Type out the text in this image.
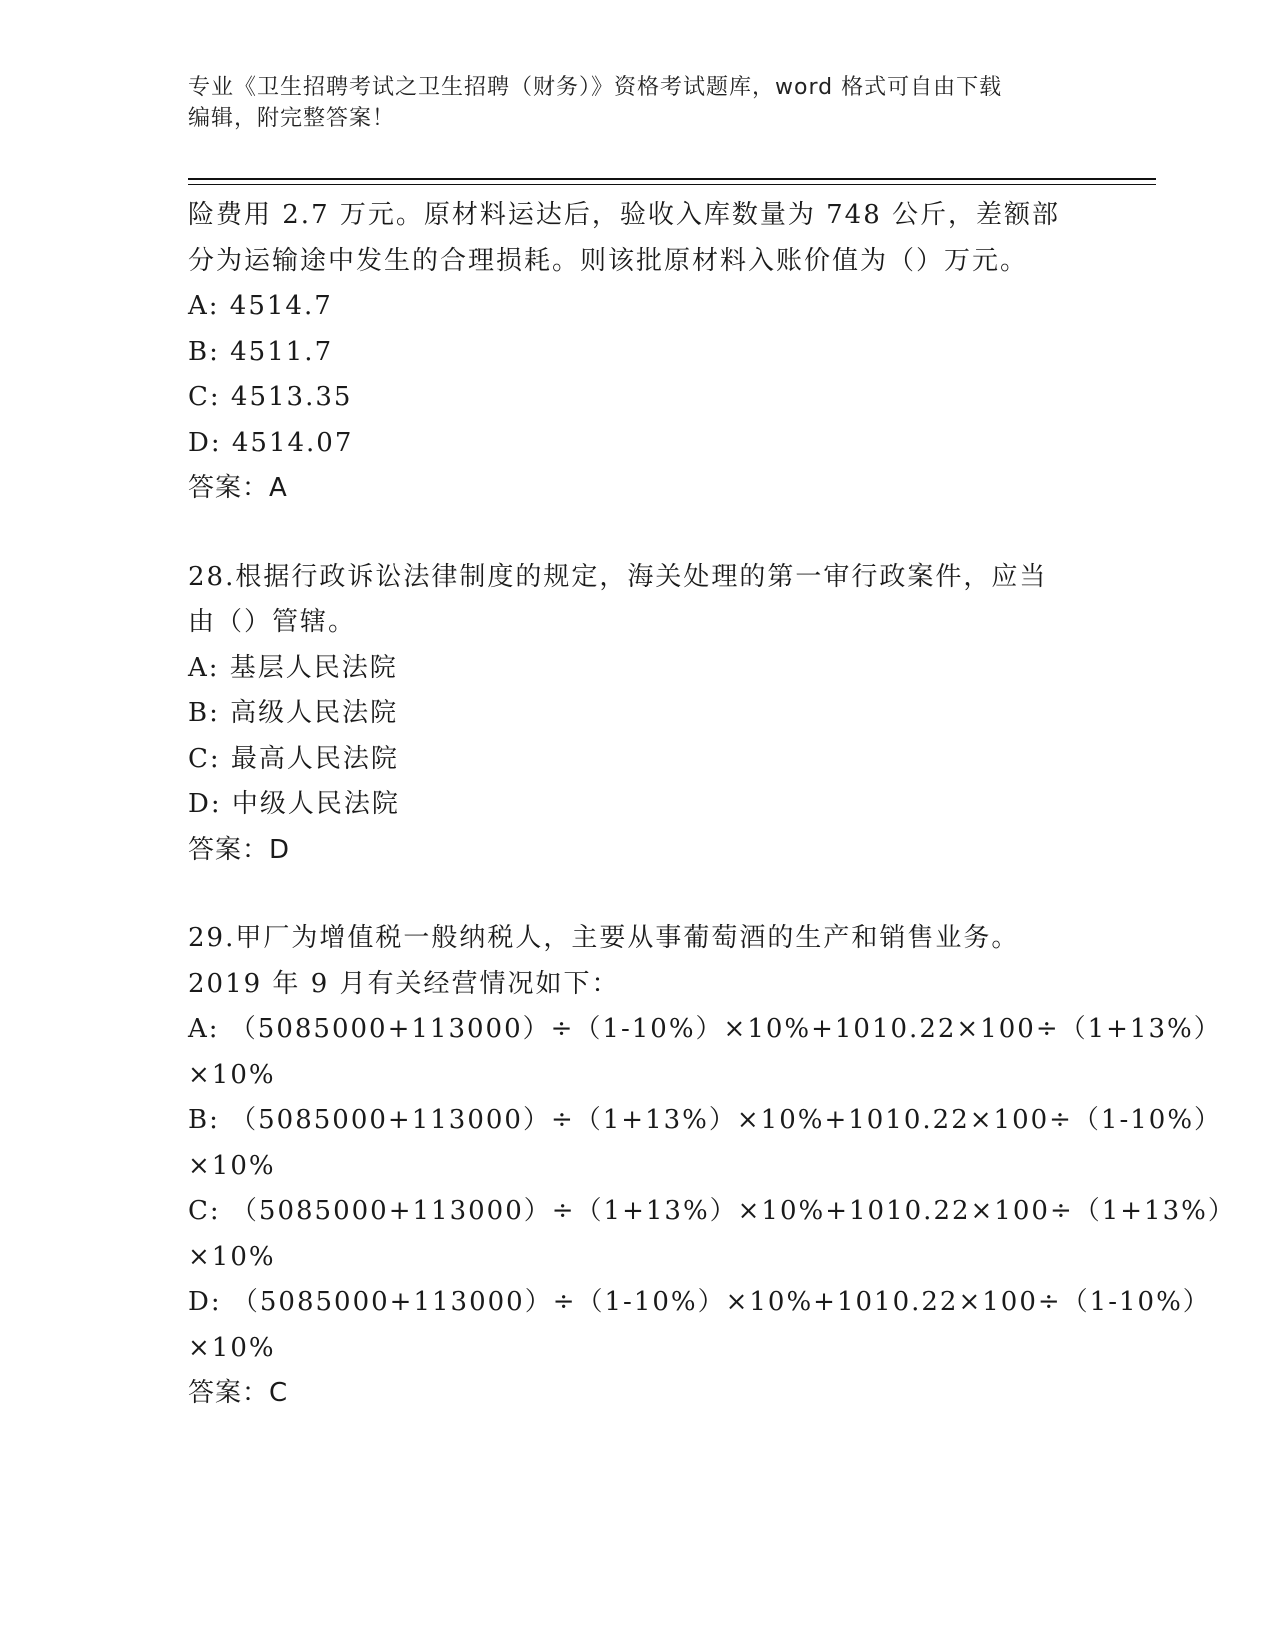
专业《卫生招聘考试之卫生招聘（财务）》资格考试题库，word 格式可自由下载
编辑，附完整答案！
险费用 2.7 万元。原材料运达后，验收入库数量为 748 公斤，差额部
分为运输途中发生的合理损耗。则该批原材料入账价值为（）万元。
A: 4514.7
B: 4511.7
C: 4513.35
D: 4514.07
答案：A
28.根据行政诉讼法律制度的规定，海关处理的第一审行政案件，应当
由（）管辖。
A: 基层人民法院
B: 高级人民法院
C: 最高人民法院
D: 中级人民法院
答案：D
29.甲厂为增值税一般纳税人，主要从事葡萄酒的生产和销售业务。
2019 年 9 月有关经营情况如下：
A: （5085000+113000）÷（1-10%）×10%+1010.22×100÷（1+13%）
×10%
B: （5085000+113000）÷（1+13%）×10%+1010.22×100÷（1-10%）
×10%
C: （5085000+113000）÷（1+13%）×10%+1010.22×100÷（1+13%）
×10%
D: （5085000+113000）÷（1-10%）×10%+1010.22×100÷（1-10%）
×10%
答案：C
